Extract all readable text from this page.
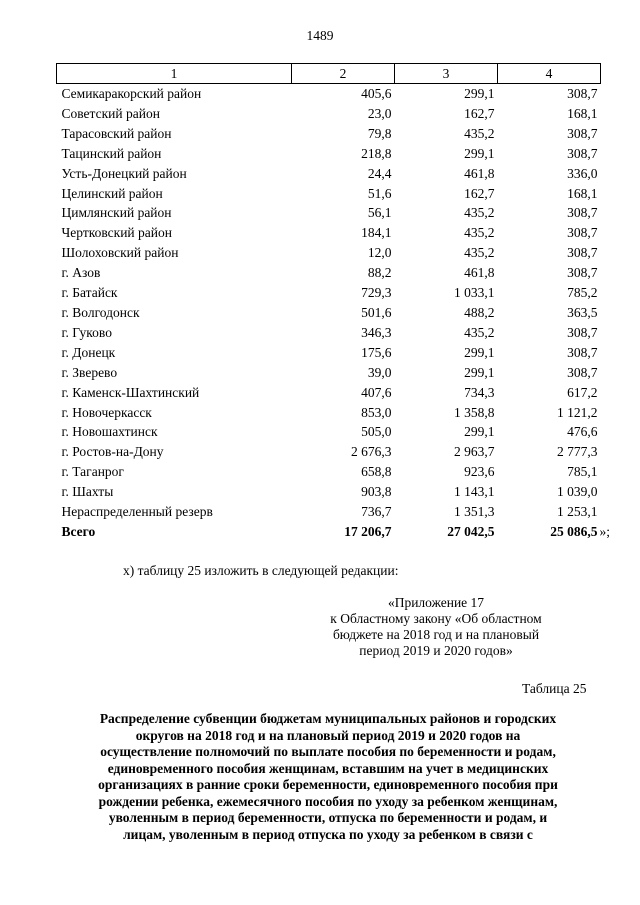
1489
1	2	3	4
Семикаракорский район	405,6	299,1	308,7
Советский район	23,0	162,7	168,1
Тарасовский район	79,8	435,2	308,7
Тацинский район	218,8	299,1	308,7
Усть-Донецкий район	24,4	461,8	336,0
Целинский район	51,6	162,7	168,1
Цимлянский район	56,1	435,2	308,7
Чертковский район	184,1	435,2	308,7
Шолоховский район	12,0	435,2	308,7
г. Азов	88,2	461,8	308,7
г. Батайск	729,3	1 033,1	785,2
г. Волгодонск	501,6	488,2	363,5
г. Гуково	346,3	435,2	308,7
г. Донецк	175,6	299,1	308,7
г. Зверево	39,0	299,1	308,7
г. Каменск-Шахтинский	407,6	734,3	617,2
г. Новочеркасск	853,0	1 358,8	1 121,2
г. Новошахтинск	505,0	299,1	476,6
г. Ростов-на-Дону	2 676,3	2 963,7	2 777,3
г. Таганрог	658,8	923,6	785,1
г. Шахты	903,8	1 143,1	1 039,0
Нераспределенный резерв	736,7	1 351,3	1 253,1
Всего	17 206,7	27 042,5	25 086,5 »;
х) таблицу 25 изложить в следующей редакции:
«Приложение 17
к Областному закону «Об областном
бюджете на 2018 год и на плановый
период 2019 и 2020 годов»
Таблица 25
Распределение субвенции бюджетам муниципальных районов и городских
округов на 2018 год и на плановый период 2019 и 2020 годов на
осуществление полномочий по выплате пособия по беременности и родам,
единовременного пособия женщинам, вставшим на учет в медицинских
организациях в ранние сроки беременности, единовременного пособия при
рождении ребенка, ежемесячного пособия по уходу за ребенком женщинам,
уволенным в период беременности, отпуска по беременности и родам, и
лицам, уволенным в период отпуска по уходу за ребенком в связи с
